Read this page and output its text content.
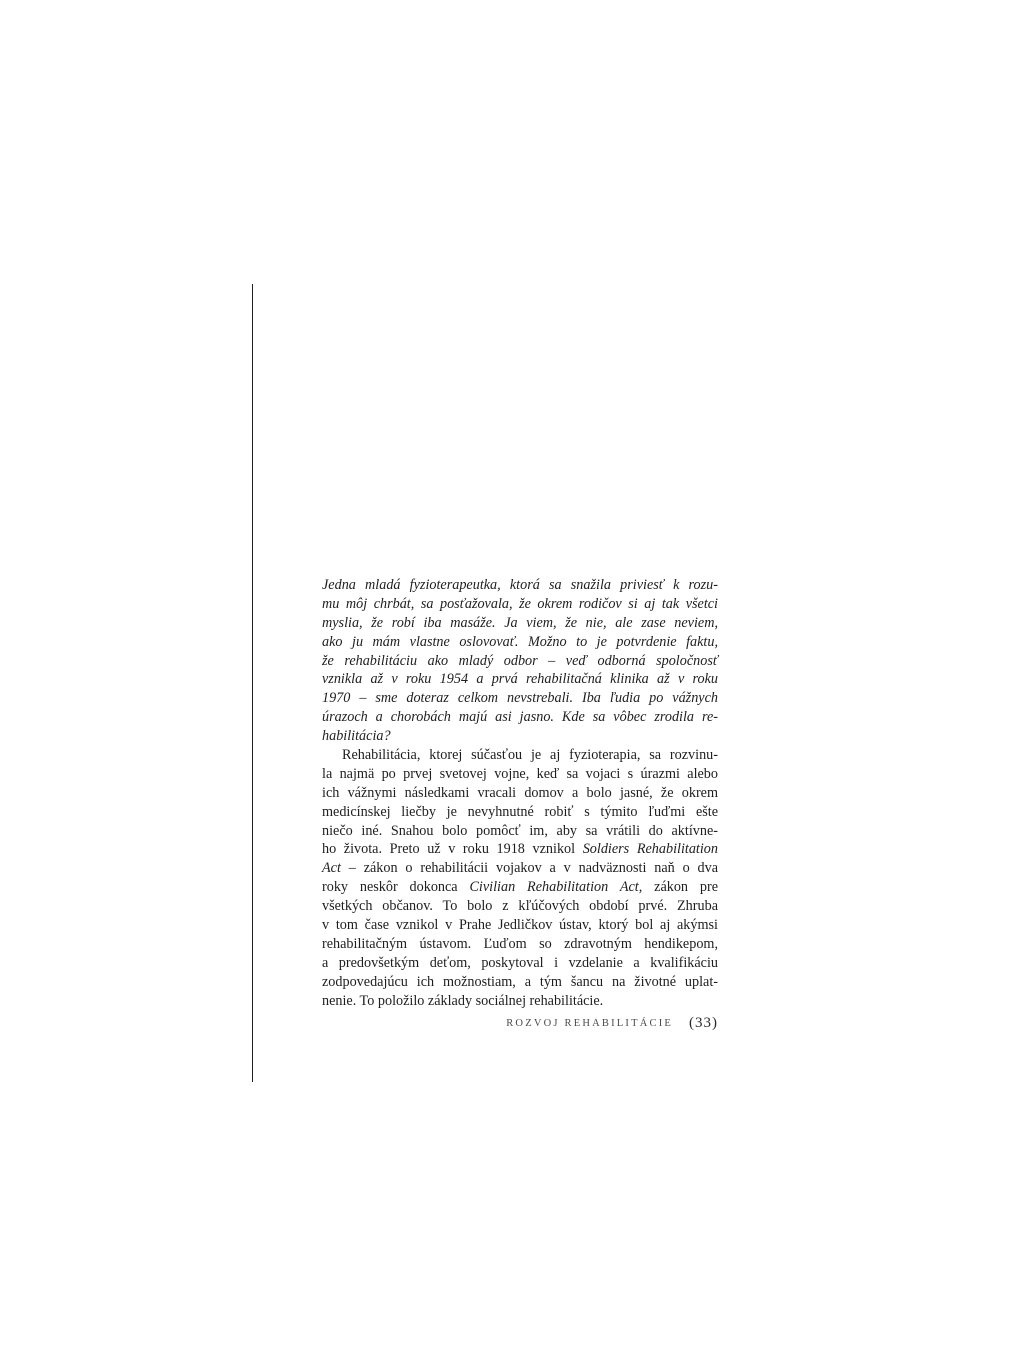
Jedna mladá fyzioterapeutka, ktorá sa snažila priviesť k rozu-
mu môj chrbát, sa posťažovala, že okrem rodičov si aj tak všetci
myslia, že robí iba masáže. Ja viem, že nie, ale zase neviem,
ako ju mám vlastne oslovovať. Možno to je potvrdenie faktu,
že rehabilitáciu ako mladý odbor – veď odborná spoločnosť
vznikla až v roku 1954 a prvá rehabilitačná klinika až v roku
1970 – sme doteraz celkom nevstrebali. Iba ľudia po vážnych
úrazoch a chorobách majú asi jasno. Kde sa vôbec zrodila re-
habilitácia?
Rehabilitácia, ktorej súčasťou je aj fyzioterapia, sa rozvinu-
la najmä po prvej svetovej vojne, keď sa vojaci s úrazmi alebo
ich vážnymi následkami vracali domov a bolo jasné, že okrem
medicínskej liečby je nevyhnutné robiť s týmito ľuďmi ešte
niečo iné. Snahou bolo pomôcť im, aby sa vrátili do aktívne-
ho života. Preto už v roku 1918 vznikol Soldiers Rehabilitation
Act – zákon o rehabilitácii vojakov a v nadväznosti naň o dva
roky neskôr dokonca Civilian Rehabilitation Act, zákon pre
všetkých občanov. To bolo z kľúčových období prvé. Zhruba
v tom čase vznikol v Prahe Jedličkov ústav, ktorý bol aj akýmsi
rehabilitačným ústavom. Ľuďom so zdravotným hendikepom,
a predovšetkým deťom, poskytoval i vzdelanie a kvalifikáciu
zodpovedajúcu ich možnostiam, a tým šancu na životné uplat-
nenie. To položilo základy sociálnej rehabilitácie.
ROZVOJ REHABILITÁCIE (33)
